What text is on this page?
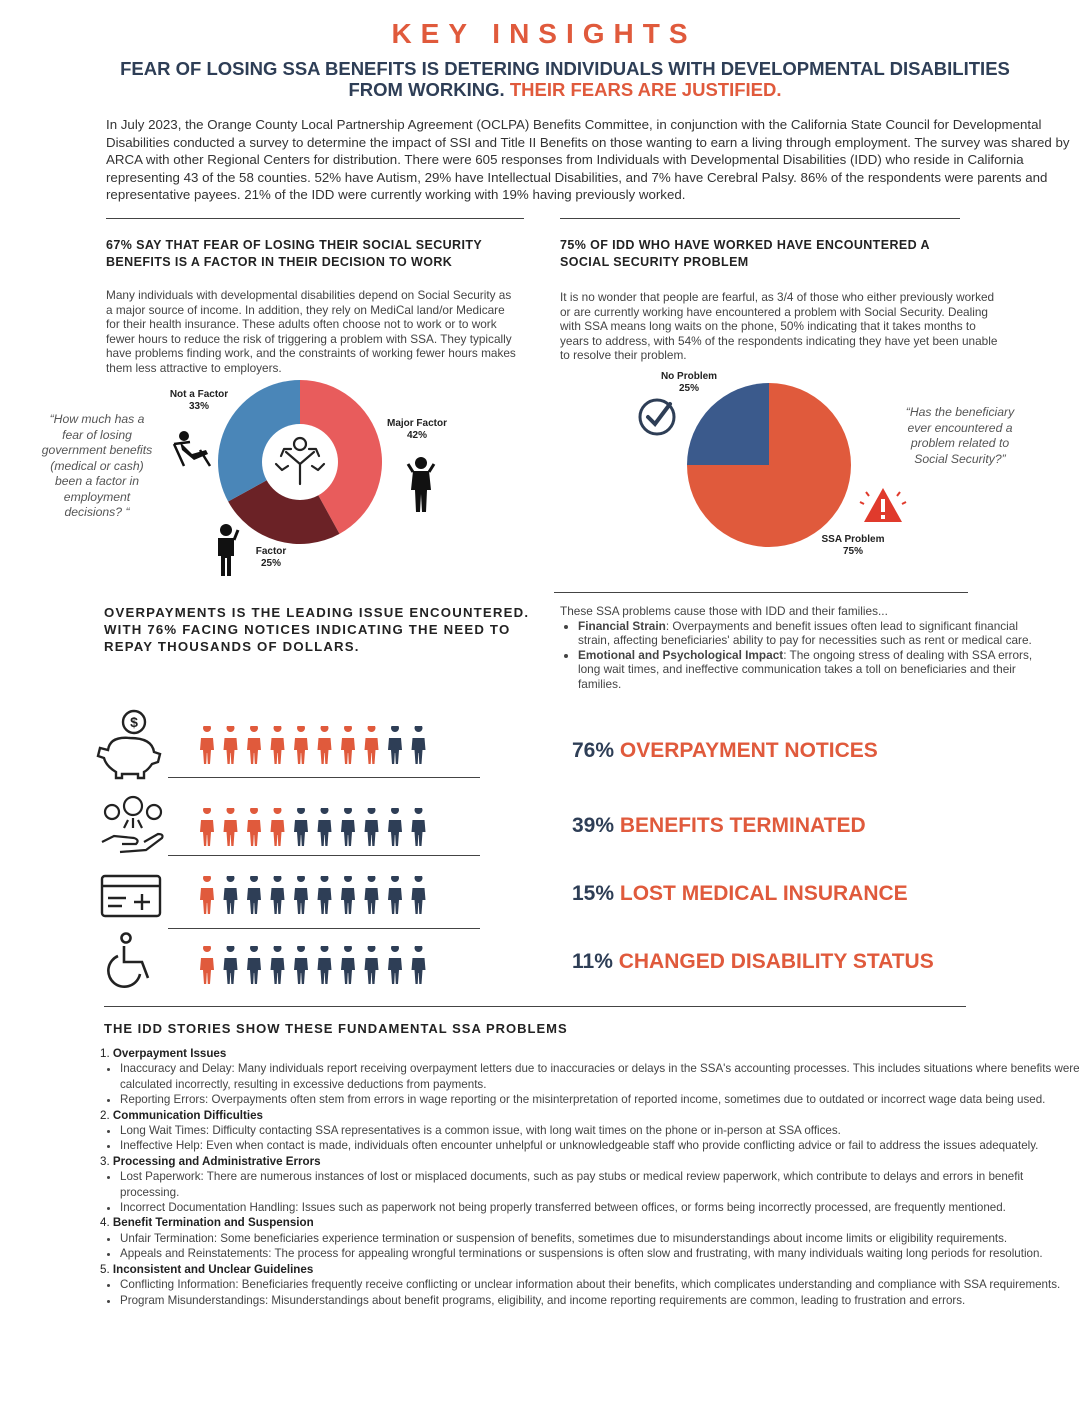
KEY INSIGHTS
FEAR OF LOSING SSA BENEFITS IS DETERING INDIVIDUALS WITH DEVELOPMENTAL DISABILITIES FROM WORKING. THEIR FEARS ARE JUSTIFIED.
In July 2023, the Orange County Local Partnership Agreement (OCLPA) Benefits Committee, in conjunction with the California State Council for Developmental Disabilities conducted a survey to determine the impact of SSI and Title II Benefits on those wanting to earn a living through employment. The survey was shared by ARCA with other Regional Centers for distribution. There were 605 responses from Individuals with Developmental Disabilities (IDD) who reside in California representing 43 of the 58 counties. 52% have Autism, 29% have Intellectual Disabilities, and 7% have Cerebral Palsy. 86% of the respondents were parents and representative payees. 21% of the IDD were currently working with 19% having previously worked.
67% SAY THAT FEAR OF LOSING THEIR SOCIAL SECURITY BENEFITS IS A FACTOR IN THEIR DECISION TO WORK
Many individuals with developmental disabilities depend on Social Security as a major source of income. In addition, they rely on MediCal land/or Medicare for their health insurance. These adults often choose not to work or to work fewer hours to reduce the risk of triggering a problem with SSA. They typically have problems finding work, and the constraints of working fewer hours makes them less attractive to employers.
“How much has a fear of losing government benefits (medical or cash) been a factor in employment decisions? “
Not a Factor
33%
Major Factor
42%
Factor
25%
75% OF IDD WHO HAVE WORKED HAVE ENCOUNTERED A SOCIAL SECURITY PROBLEM
It is no wonder that people are fearful, as 3/4 of those who either previously worked or are currently working have encountered a problem with Social Security. Dealing with SSA means long waits on the phone, 50% indicating that it takes months to years to address, with 54% of the respondents indicating they have yet been unable to resolve their problem.
“Has the beneficiary ever encountered a problem related to Social Security?”
No Problem
25%
SSA Problem
75%
OVERPAYMENTS IS THE LEADING ISSUE ENCOUNTERED. WITH 76% FACING NOTICES INDICATING THE NEED TO REPAY THOUSANDS OF DOLLARS.
These SSA problems cause those with IDD and their families...
• Financial Strain: Overpayments and benefit issues often lead to significant financial strain, affecting beneficiaries' ability to pay for necessities such as rent or medical care.
• Emotional and Psychological Impact: The ongoing stress of dealing with SSA errors, long wait times, and ineffective communication takes a toll on beneficiaries and their families.
$
76% OVERPAYMENT NOTICES
39% BENEFITS TERMINATED
15% LOST MEDICAL INSURANCE
11% CHANGED DISABILITY STATUS
THE IDD STORIES SHOW THESE FUNDAMENTAL SSA PROBLEMS
1. Overpayment Issues
• Inaccuracy and Delay: Many individuals report receiving overpayment letters due to inaccuracies or delays in the SSA's accounting processes. This includes situations where benefits were calculated incorrectly, resulting in excessive deductions from payments.
• Reporting Errors: Overpayments often stem from errors in wage reporting or the misinterpretation of reported income, sometimes due to outdated or incorrect wage data being used.
2. Communication Difficulties
• Long Wait Times: Difficulty contacting SSA representatives is a common issue, with long wait times on the phone or in-person at SSA offices.
• Ineffective Help: Even when contact is made, individuals often encounter unhelpful or unknowledgeable staff who provide conflicting advice or fail to address the issues adequately.
3. Processing and Administrative Errors
• Lost Paperwork: There are numerous instances of lost or misplaced documents, such as pay stubs or medical review paperwork, which contribute to delays and errors in benefit processing.
• Incorrect Documentation Handling: Issues such as paperwork not being properly transferred between offices, or forms being incorrectly processed, are frequently mentioned.
4. Benefit Termination and Suspension
• Unfair Termination: Some beneficiaries experience termination or suspension of benefits, sometimes due to misunderstandings about income limits or eligibility requirements.
• Appeals and Reinstatements: The process for appealing wrongful terminations or suspensions is often slow and frustrating, with many individuals waiting long periods for resolution.
5. Inconsistent and Unclear Guidelines
• Conflicting Information: Beneficiaries frequently receive conflicting or unclear information about their benefits, which complicates understanding and compliance with SSA requirements.
• Program Misunderstandings: Misunderstandings about benefit programs, eligibility, and income reporting requirements are common, leading to frustration and errors.
